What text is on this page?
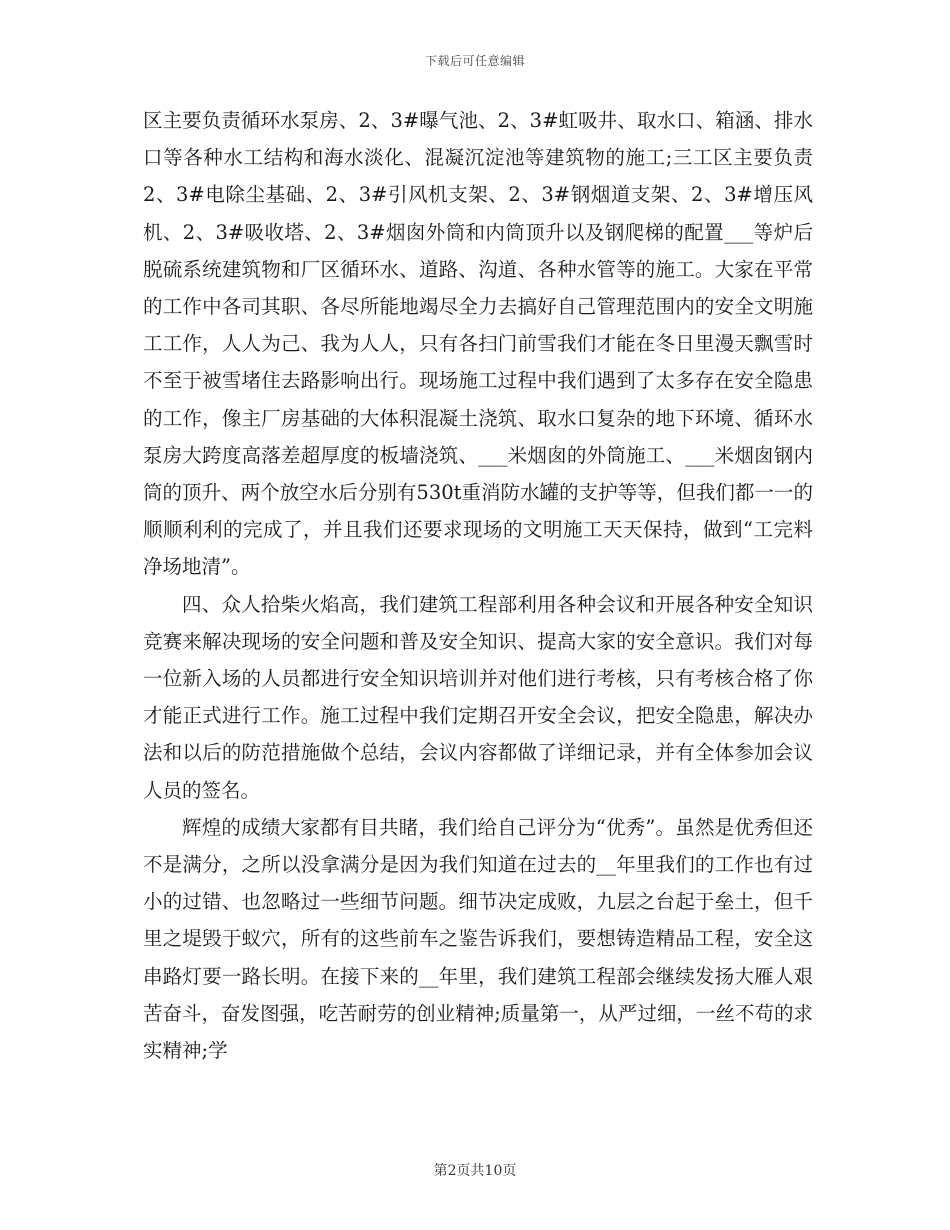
下载后可任意编辑

区主要负责循环水泵房、2、3#曝气池、2、3#虹吸井、取水口、箱涵、排水口等各种水工结构和海水淡化、混凝沉淀池等建筑物的施工;三工区主要负责2、3#电除尘基础、2、3#引风机支架、2、3#钢烟道支架、2、3#增压风机、2、3#吸收塔、2、3#烟囱外筒和内筒顶升以及钢爬梯的配置___等炉后脱硫系统建筑物和厂区循环水、道路、沟道、各种水管等的施工。大家在平常的工作中各司其职、各尽所能地竭尽全力去搞好自己管理范围内的安全文明施工工作，人人为己、我为人人，只有各扫门前雪我们才能在冬日里漫天飘雪时不至于被雪堵住去路影响出行。现场施工过程中我们遇到了太多存在安全隐患的工作，像主厂房基础的大体积混凝土浇筑、取水口复杂的地下环境、循环水泵房大跨度高落差超厚度的板墙浇筑、___米烟囱的外筒施工、___米烟囱钢内筒的顶升、两个放空水后分别有530t重消防水罐的支护等等，但我们都一一的顺顺利利的完成了，并且我们还要求现场的文明施工天天保持，做到“工完料净场地清”。

四、众人拾柴火焰高，我们建筑工程部利用各种会议和开展各种安全知识竞赛来解决现场的安全问题和普及安全知识、提高大家的安全意识。我们对每一位新入场的人员都进行安全知识培训并对他们进行考核，只有考核合格了你才能正式进行工作。施工过程中我们定期召开安全会议，把安全隐患，解决办法和以后的防范措施做个总结，会议内容都做了详细记录，并有全体参加会议人员的签名。

辉煌的成绩大家都有目共睹，我们给自己评分为“优秀”。虽然是优秀但还不是满分，之所以没拿满分是因为我们知道在过去的__年里我们的工作也有过小的过错、也忽略过一些细节问题。细节决定成败，九层之台起于垒土，但千里之堤毁于蚁穴，所有的这些前车之鉴告诉我们，要想铸造精品工程，安全这串路灯要一路长明。在接下来的__年里，我们建筑工程部会继续发扬大雁人艰苦奋斗，奋发图强，吃苦耐劳的创业精神;质量第一，从严过细，一丝不苟的求实精神;学

第2页共10页
